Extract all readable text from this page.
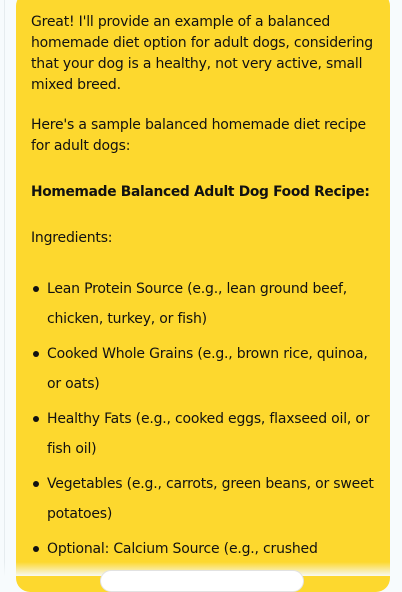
Great! I'll provide an example of a balanced homemade diet option for adult dogs, considering that your dog is a healthy, not very active, small mixed breed.

Here's a sample balanced homemade diet recipe for adult dogs:

Homemade Balanced Adult Dog Food Recipe:

Ingredients:

Lean Protein Source (e.g., lean ground beef, chicken, turkey, or fish)
Cooked Whole Grains (e.g., brown rice, quinoa, or oats)
Healthy Fats (e.g., cooked eggs, flaxseed oil, or fish oil)
Vegetables (e.g., carrots, green beans, or sweet potatoes)
Optional: Calcium Source (e.g., crushed
